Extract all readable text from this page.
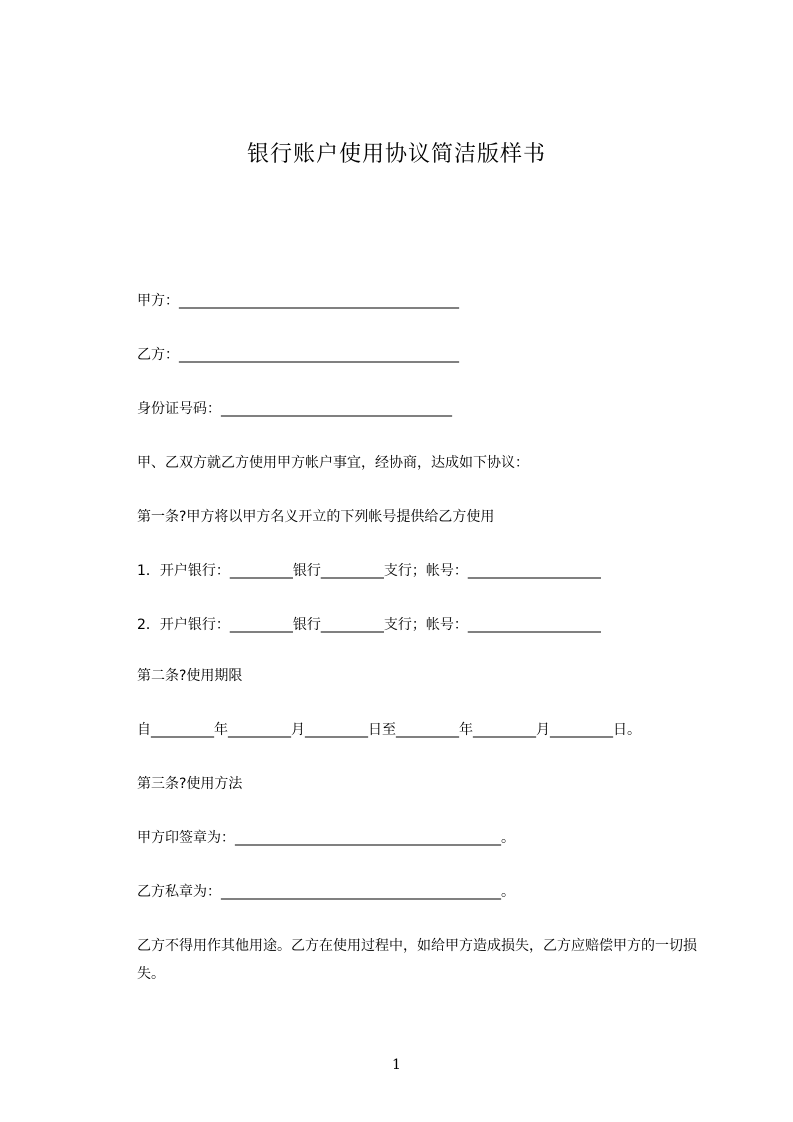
银行账户使用协议简洁版样书
甲方：________________________________________
乙方：________________________________________
身份证号码：_________________________________
甲、乙双方就乙方使用甲方帐户事宜，经协商，达成如下协议：
第一条?甲方将以甲方名义开立的下列帐号提供给乙方使用
1．开户银行：_________银行_________支行；帐号：___________________
2．开户银行：_________银行_________支行；帐号：___________________
第二条?使用期限
自_________年_________月_________日至_________年_________月_________日。
第三条?使用方法
甲方印签章为：______________________________________。
乙方私章为：________________________________________。
乙方不得用作其他用途。乙方在使用过程中，如给甲方造成损失，乙方应赔偿甲方的一切损失。
1
